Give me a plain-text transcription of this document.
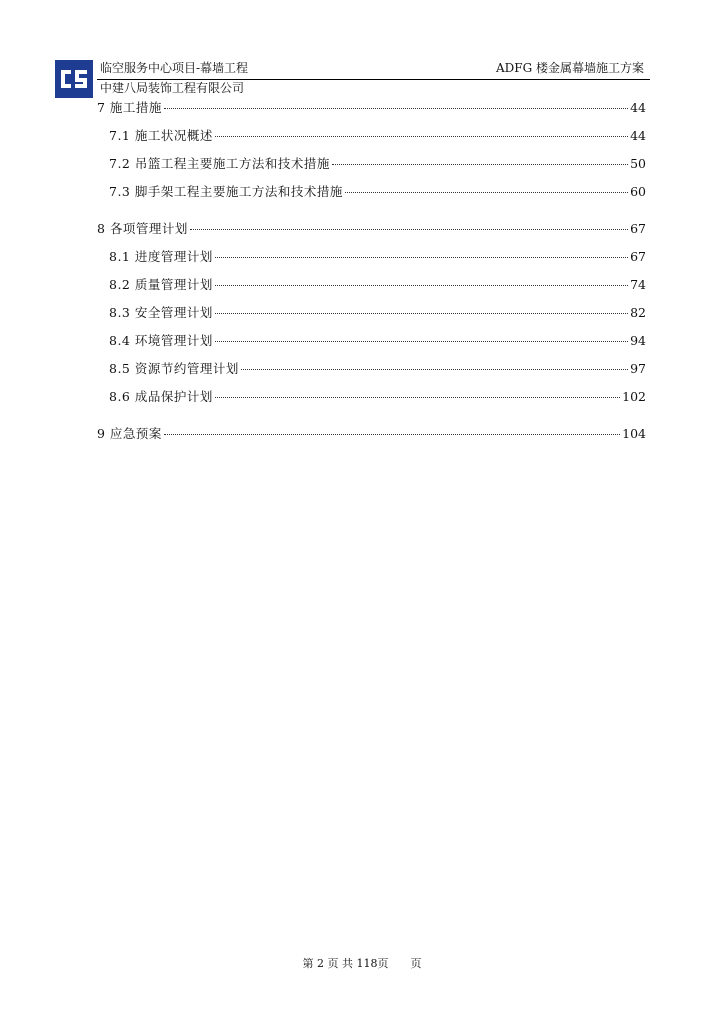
临空服务中心项目-幕墙工程	ADFG 楼金属幕墙施工方案
中建八局装饰工程有限公司
7 施工措施	44
7.1 施工状况概述	44
7.2 吊篮工程主要施工方法和技术措施	50
7.3 脚手架工程主要施工方法和技术措施	60
8 各项管理计划	67
8.1 进度管理计划	67
8.2 质量管理计划	74
8.3 安全管理计划	82
8.4 环境管理计划	94
8.5 资源节约管理计划	97
8.6 成品保护计划	102
9 应急预案	104
第 2 页 共 118页　　页
